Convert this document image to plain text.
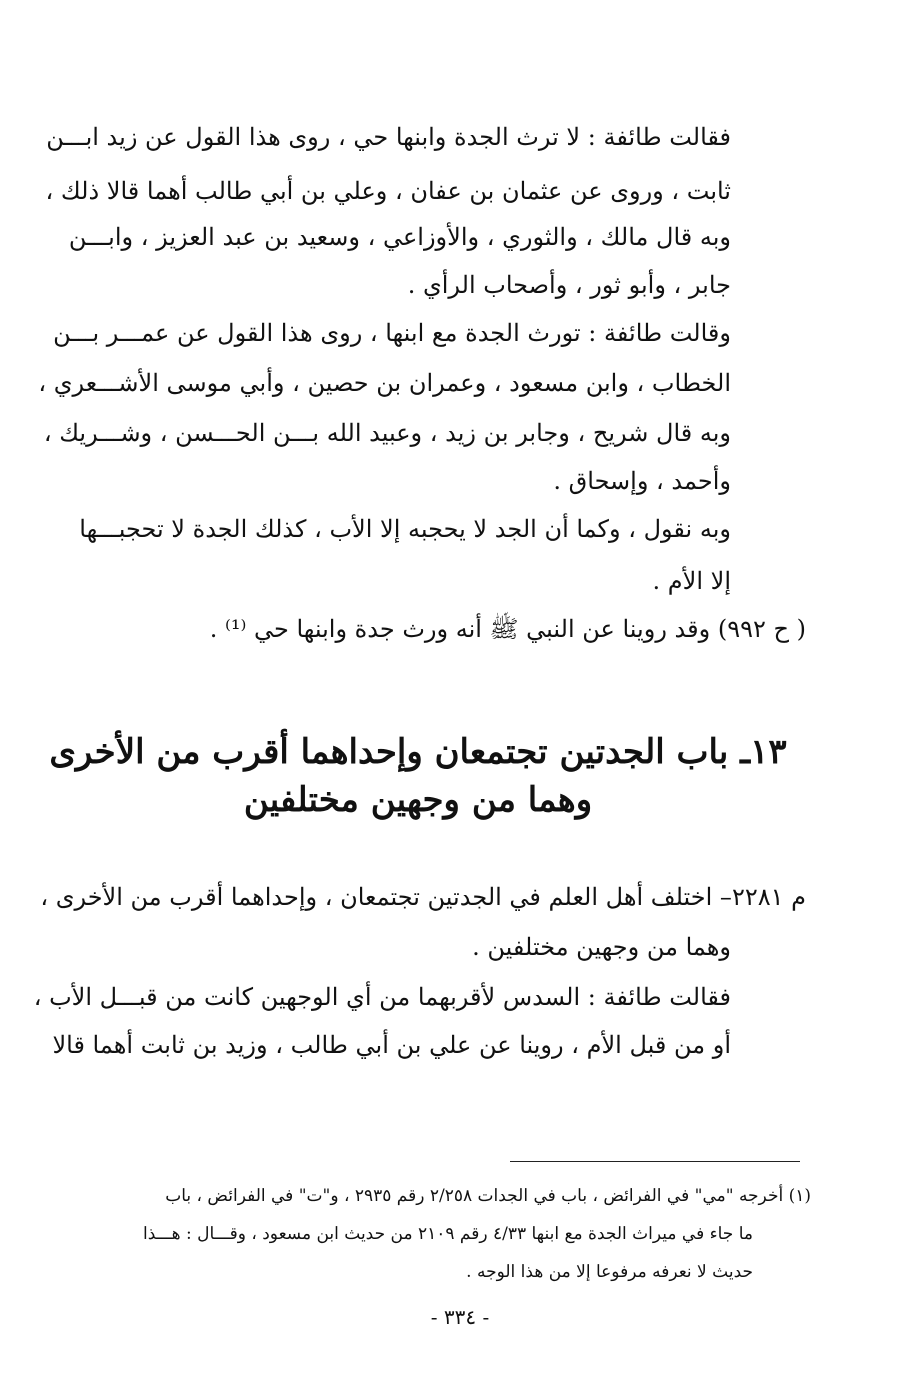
فقالت طائفة : لا ترث الجدة وابنها حي ، روى هذا القول عن زيد ابـــن
ثابت ، وروى عن عثمان بن عفان ، وعلي بن أبي طالب أهما قالا ذلك ،
وبه قال مالك ، والثوري ، والأوزاعي ، وسعيد بن عبد العزيز ، وابـــن
جابر ، وأبو ثور ، وأصحاب الرأي .
وقالت طائفة : تورث الجدة مع ابنها ، روى هذا القول عن عمـــر بـــن
الخطاب ، وابن مسعود ، وعمران بن حصين ، وأبي موسى الأشـــعري ،
وبه قال شريح ، وجابر بن زيد ، وعبيد الله بـــن الحـــسن ، وشـــريك ،
وأحمد ، وإسحاق .
وبه نقول ، وكما أن الجد لا يحجبه إلا الأب ، كذلك الجدة لا تحجبـــها
إلا الأم .
( ح ٩٩٢) وقد روينا عن النبي ﷺ أنه ورث جدة وابنها حي ⁽¹⁾ .
١٣ـ باب الجدتين تجتمعان وإحداهما أقرب من الأخرى
وهما من وجهين مختلفين
م ٢٢٨١– اختلف أهل العلم في الجدتين تجتمعان ، وإحداهما أقرب من الأخرى ،
وهما من وجهين مختلفين .
فقالت طائفة : السدس لأقربهما من أي الوجهين كانت من قبـــل الأب ،
أو من قبل الأم ، روينا عن علي بن أبي طالب ، وزيد بن ثابت أهما قالا
(١) أخرجه "مي" في الفرائض ، باب في الجدات ٢/٢٥٨ رقم ٢٩٣٥ ، و"ت" في الفرائض ، باب
ما جاء في ميراث الجدة مع ابنها ٤/٣٣ رقم ٢١٠٩ من حديث ابن مسعود ، وقـــال : هـــذا
حديث لا نعرفه مرفوعا إلا من هذا الوجه .
- ٣٣٤ -
